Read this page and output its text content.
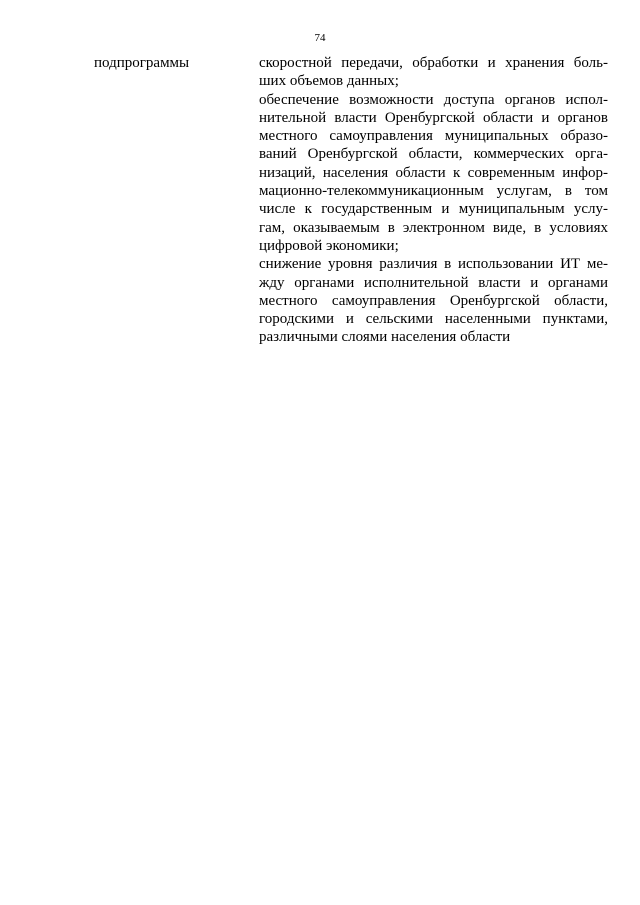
74
подпрограммы	скоростной передачи, обработки и хранения боль-
ших объемов данных;
обеспечение возможности доступа органов испол-
нительной власти Оренбургской области и органов
местного самоуправления муниципальных образо-
ваний Оренбургской области, коммерческих орга-
низаций, населения области к современным инфор-
мационно-телекоммуникационным услугам, в том
числе к государственным и муниципальным услу-
гам, оказываемым в электронном виде, в условиях
цифровой экономики;
снижение уровня различия в использовании ИТ ме-
жду органами исполнительной власти и органами
местного самоуправления Оренбургской области,
городскими и сельскими населенными пунктами,
различными слоями населения области
